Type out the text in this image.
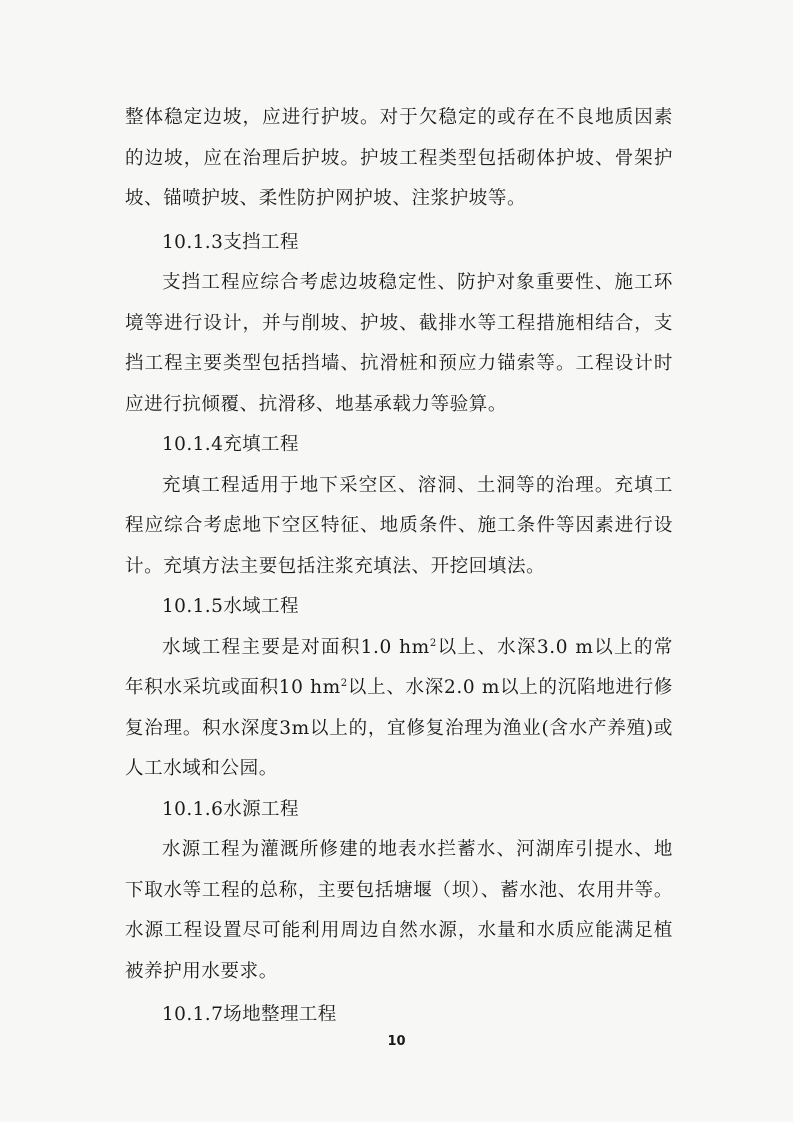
整体稳定边坡，应进行护坡。对于欠稳定的或存在不良地质因素的边坡，应在治理后护坡。护坡工程类型包括砌体护坡、骨架护坡、锚喷护坡、柔性防护网护坡、注浆护坡等。

10.1.3支挡工程

支挡工程应综合考虑边坡稳定性、防护对象重要性、施工环境等进行设计，并与削坡、护坡、截排水等工程措施相结合，支挡工程主要类型包括挡墙、抗滑桩和预应力锚索等。工程设计时应进行抗倾覆、抗滑移、地基承载力等验算。

10.1.4充填工程

充填工程适用于地下采空区、溶洞、土洞等的治理。充填工程应综合考虑地下空区特征、地质条件、施工条件等因素进行设计。充填方法主要包括注浆充填法、开挖回填法。

10.1.5水域工程

水域工程主要是对面积1.0 $hm^2$以上、水深3.0 m以上的常年积水采坑或面积10 $hm^2$以上、水深2.0 m以上的沉陷地进行修复治理。积水深度3m以上的，宜修复治理为渔业(含水产养殖)或人工水域和公园。

10.1.6水源工程

水源工程为灌溉所修建的地表水拦蓄水、河湖库引提水、地下取水等工程的总称，主要包括塘堰（坝）、蓄水池、农用井等。水源工程设置尽可能利用周边自然水源，水量和水质应能满足植被养护用水要求。

10.1.7场地整理工程

10
